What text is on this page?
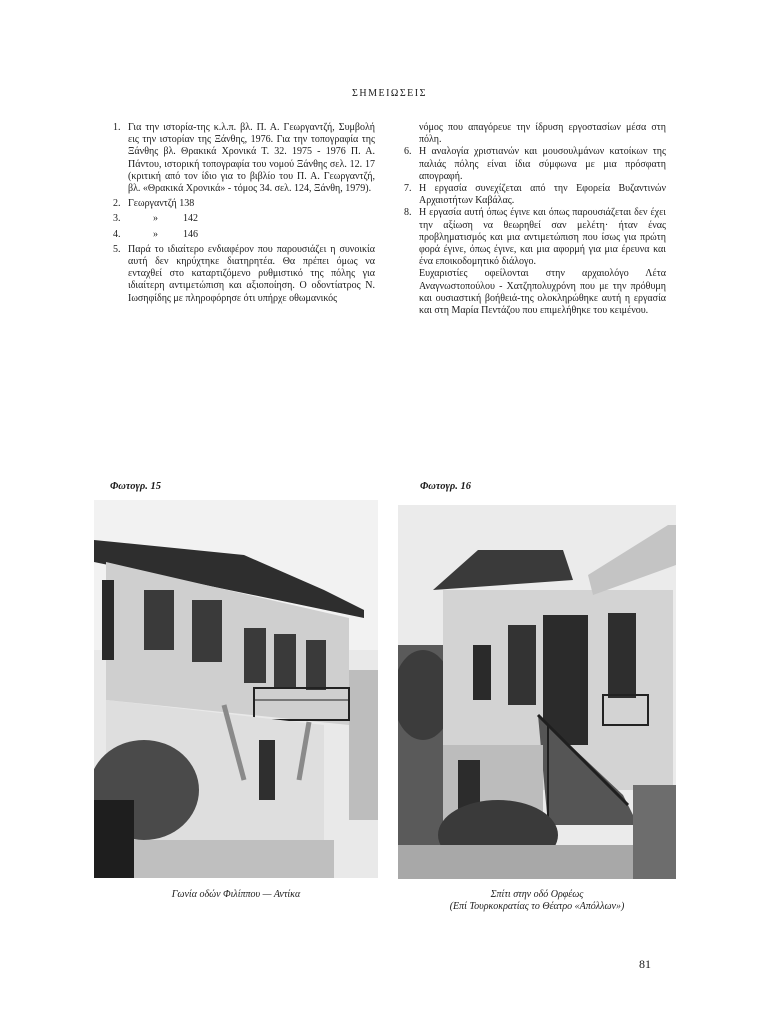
ΣΗΜΕΙΩΣΕΙΣ
1. Για την ιστορία-της κ.λ.π. βλ. Π. Α. Γεωργαντζή, Συμβολή εις την ιστορίαν της Ξάνθης, 1976. Για την τοπογραφία της Ξάνθης βλ. Θρακικά Χρονικά Τ. 32. 1975 - 1976 Π. Α. Πάντου, ιστορική τοπογραφία του νομού Ξάνθης σελ. 12. 17 (κριτική από τον ίδιο για το βιβλίο του Π. Α. Γεωργαντζή, βλ. «Θρακικά Χρονικά» - τόμος 34. σελ. 124, Ξάνθη, 1979).
2. Γεωργαντζή 138
3.	»	142
4.	»	146
5. Παρά το ιδιαίτερο ενδιαφέρον που παρουσιάζει η συνοικία αυτή δεν κηρύχτηκε διατηρητέα. Θα πρέπει όμως να ενταχθεί στο καταρτιζόμενο ρυθμιστικό της πόλης για ιδιαίτερη αντιμετώπιση και αξιοποίηση. Ο οδοντίατρος Ν. Ιωσηφίδης με πληροφόρησε ότι υπήρχε οθωμανικός
νόμος που απαγόρευε την ίδρυση εργοστασίων μέσα στη πόλη.
6. Η αναλογία χριστιανών και μουσουλμάνων κατοίκων της παλιάς πόλης είναι ίδια σύμφωνα με μια πρόσφατη απογραφή.
7. Η εργασία συνεχίζεται από την Εφορεία Βυζαντινών Αρχαιοτήτων Καβάλας.
8. Η εργασία αυτή όπως έγινε και όπως παρουσιάζεται δεν έχει την αξίωση να θεωρηθεί σαν μελέτη· ήταν ένας προβληματισμός και μια αντιμετώπιση που ίσως για πρώτη φορά έγινε, όπως έγινε, και μια αφορμή για μια έρευνα και ένα εποικοδομητικό διάλογο.
Ευχαριστίες οφείλονται στην αρχαιολόγο Λέτα Αναγνωστοπούλου - Χατζηπολυχρόνη που με την πρόθυμη και ουσιαστική βοήθειά-της ολοκληρώθηκε αυτή η εργασία και στη Μαρία Πεντάζου που επιμελήθηκε του κειμένου.
Φωτογρ. 15	Φωτογρ. 16
Γωνία οδών Φιλίππου — Αντίκα	Σπίτι στην οδό Ορφέως
(Επί Τουρκοκρατίας το Θέατρο «Απόλλων»)
81
